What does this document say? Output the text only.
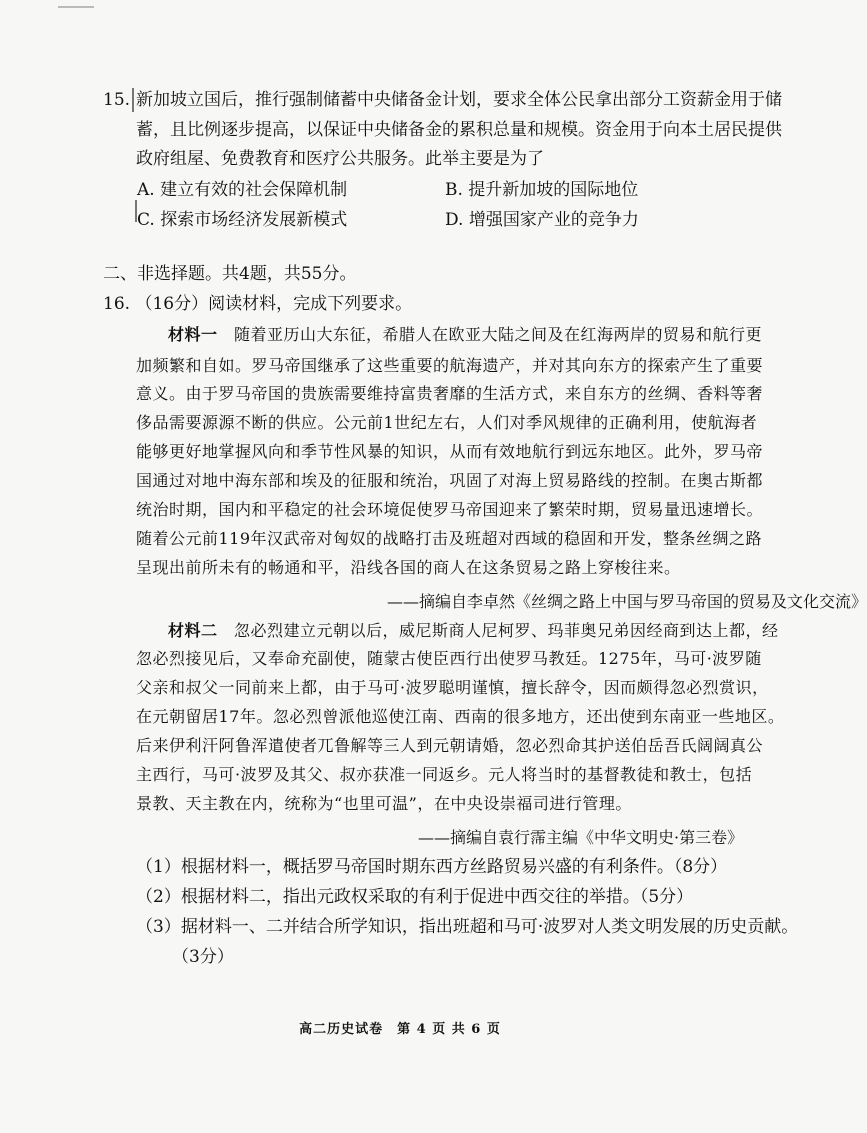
15. 新加坡立国后，推行强制储蓄中央储备金计划，要求全体公民拿出部分工资薪金用于储
蓄，且比例逐步提高，以保证中央储备金的累积总量和规模。资金用于向本土居民提供
政府组屋、免费教育和医疗公共服务。此举主要是为了
A. 建立有效的社会保障机制	B. 提升新加坡的国际地位
C. 探索市场经济发展新模式	D. 增强国家产业的竞争力
二、非选择题。共4题，共55分。
16. （16分）阅读材料，完成下列要求。
材料一　随着亚历山大东征，希腊人在欧亚大陆之间及在红海两岸的贸易和航行更
加频繁和自如。罗马帝国继承了这些重要的航海遗产，并对其向东方的探索产生了重要
意义。由于罗马帝国的贵族需要维持富贵奢靡的生活方式，来自东方的丝绸、香料等奢
侈品需要源源不断的供应。公元前1世纪左右，人们对季风规律的正确利用，使航海者
能够更好地掌握风向和季节性风暴的知识，从而有效地航行到远东地区。此外，罗马帝
国通过对地中海东部和埃及的征服和统治，巩固了对海上贸易路线的控制。在奥古斯都
统治时期，国内和平稳定的社会环境促使罗马帝国迎来了繁荣时期，贸易量迅速增长。
随着公元前119年汉武帝对匈奴的战略打击及班超对西域的稳固和开发，整条丝绸之路
呈现出前所未有的畅通和平，沿线各国的商人在这条贸易之路上穿梭往来。
——摘编自李卓然《丝绸之路上中国与罗马帝国的贸易及文化交流》
材料二　忽必烈建立元朝以后，威尼斯商人尼柯罗、玛菲奥兄弟因经商到达上都，经
忽必烈接见后，又奉命充副使，随蒙古使臣西行出使罗马教廷。1275年，马可·波罗随
父亲和叔父一同前来上都，由于马可·波罗聪明谨慎，擅长辞令，因而颇得忽必烈赏识，
在元朝留居17年。忽必烈曾派他巡使江南、西南的很多地方，还出使到东南亚一些地区。
后来伊利汗阿鲁浑遣使者兀鲁解等三人到元朝请婚，忽必烈命其护送伯岳吾氏阔阔真公
主西行，马可·波罗及其父、叔亦获准一同返乡。元人将当时的基督教徒和教士，包括
景教、天主教在内，统称为“也里可温”，在中央设崇福司进行管理。
——摘编自袁行霈主编《中华文明史·第三卷》
（1）根据材料一，概括罗马帝国时期东西方丝路贸易兴盛的有利条件。（8分）
（2）根据材料二，指出元政权采取的有利于促进中西交往的举措。（5分）
（3）据材料一、二并结合所学知识，指出班超和马可·波罗对人类文明发展的历史贡献。
（3分）
高二历史试卷　第 4 页 共 6 页
